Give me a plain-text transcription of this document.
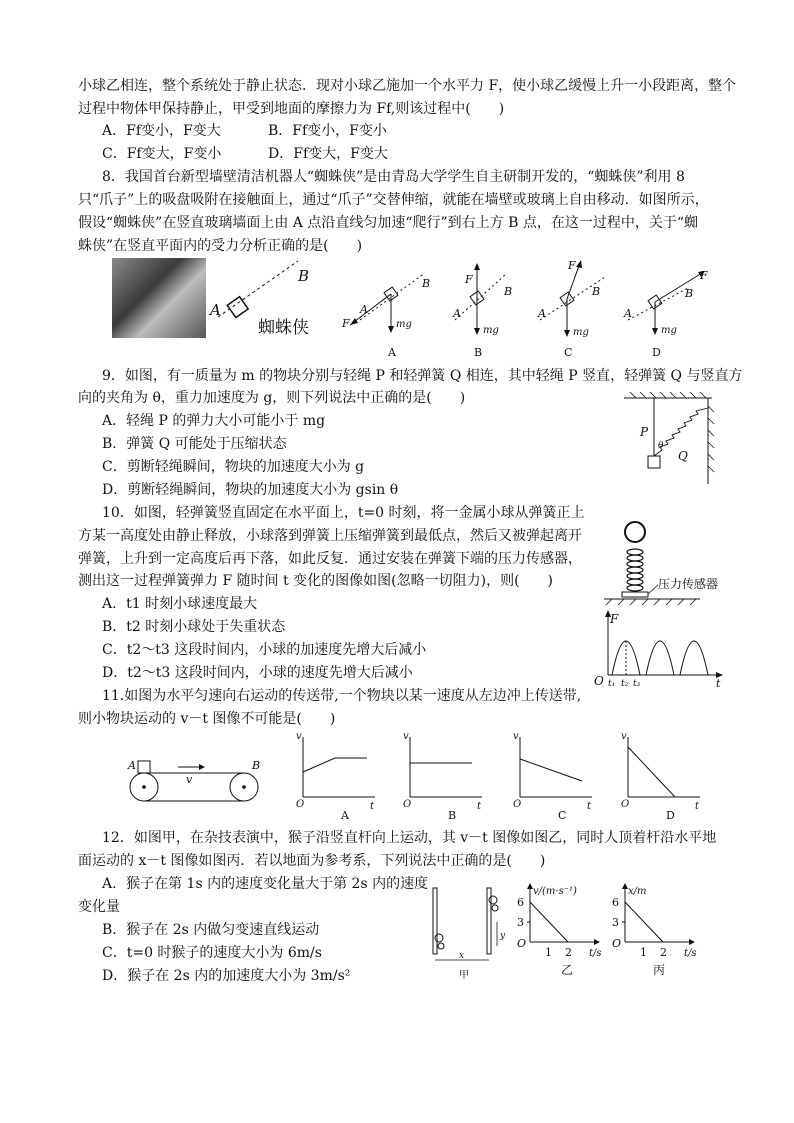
小球乙相连，整个系统处于静止状态．现对小球乙施加一个水平力 F，使小球乙缓慢上升一小段距离，整个
过程中物体甲保持静止，甲受到地面的摩擦力为 Ff,则该过程中(　　)
A．Ff变小，F变大	B．Ff变小，F变小
C．Ff变大，F变小	D．Ff变大，F变大
8．我国首台新型墙壁清洁机器人“蜘蛛侠”是由青岛大学学生自主研制开发的，“蜘蛛侠”利用 8
只“爪子”上的吸盘吸附在接触面上，通过“爪子”交替伸缩，就能在墙壁或玻璃上自由移动．如图所示，
假设“蜘蛛侠”在竖直玻璃墙面上由 A 点沿直线匀加速“爬行”到右上方 B 点，在这一过程中，关于“蜘
蛛侠”在竖直平面内的受力分析正确的是(　　)
A
B
蜘蛛侠	F
A
B
mg
F
A
B
mg
F
A
B
mg
F
A
B
mg
A	B	C	D
9．如图，有一质量为 m 的物块分别与轻绳 P 和轻弹簧 Q 相连，其中轻绳 P 竖直，轻弹簧 Q 与竖直方
向的夹角为 θ，重力加速度为 g，则下列说法中正确的是(　　)
A．轻绳 P 的弹力大小可能小于 mg
B．弹簧 Q 可能处于压缩状态
C．剪断轻绳瞬间，物块的加速度大小为 g
D．剪断轻绳瞬间，物块的加速度大小为 gsin θ
P
θ
Q
10．如图，轻弹簧竖直固定在水平面上，t=0 时刻，将一金属小球从弹簧正上
方某一高度处由静止释放，小球落到弹簧上压缩弹簧到最低点，然后又被弹起离开
弹簧，上升到一定高度后再下落，如此反复．通过安装在弹簧下端的压力传感器，
测出这一过程弹簧弹力 F 随时间 t 变化的图像如图(忽略一切阻力)，则(　　)
A．t1 时刻小球速度最大
B．t2 时刻小球处于失重状态
C．t2～t3 这段时间内，小球的加速度先增大后减小
D．t2～t3 这段时间内，小球的速度先增大后减小
压力传感器
F
O	t
t₁ t₂ t₃
11.如图为水平匀速向右运动的传送带,一个物块以某一速度从左边冲上传送带,
则小物块运动的 v－t 图像不可能是(　　)
v
A	B
v
O	t
v
O	t
v
O	t
v
O	t
A	B	C	D
12．如图甲，在杂技表演中，猴子沿竖直杆向上运动，其 v－t 图像如图乙，同时人顶着杆沿水平地
面运动的 x－t 图像如图丙．若以地面为参考系，下列说法中正确的是(　　)
A．猴子在第 1s 内的速度变化量大于第 2s 内的速度
变化量
B．猴子在 2s 内做匀变速直线运动
C．t=0 时猴子的速度大小为 6m/s
D．猴子在 2s 内的加速度大小为 3m/s²
y
x
甲
v/(m·s⁻¹)
6
3
O
1 2 t/s
乙
x/m
6
3
O
1 2 t/s
丙
